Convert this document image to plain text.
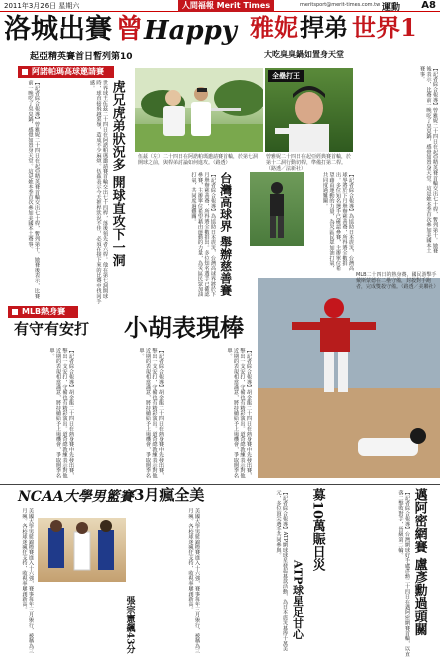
2011年3月26日 星期六	人間福報 Merit Times	meritsport@merit-times.com.tw 運動 A8
洛城出賽 曾 Happy
起亞精英賽首日暫列第10
雅妮 捍弟 世界1
大吃臭臭鍋如置身天堂
阿諾帕瑪高球邀請賽
【記者綜合報導】曾雅妮二十四日在起亞精英賽首輪交出七十桿，暫列第十。她賽後表示，比賽前一晚吃了臭臭鍋，感覺如置身天堂。這是她本季首次參加美國本土賽事。	虎兄虎弟狀況多 開球直攻下一洞
世界球王伍茲二十四日在阿諾帕瑪邀請賽首輪交出七十四桿，落後領先者六桿。他在第七洞開球時，球直接飛越果嶺，造成不少麻煩。伍茲表示今天推桿狀況不佳，必須在接下來的比賽中找回手感。
全壘打王
伍茲（左）二十四日在阿諾帕瑪邀請賽首輪，於第七洞開球之前，與桿弟討論如何進攻。（路透）
曾雅妮二十四日在起亞經典賽首輪，於第十二洞行動切桿，準備打第二桿。（路透／法新社）	【記者綜合報導】曾雅妮二十四日在起亞精英賽首輪交出七十桿，暫列第十。她賽後表示，比賽前一晚吃了臭臭鍋，感覺如置身天堂。這是她本季首次參加美國本土賽事。
台灣高球界 舉辦慈善賽
【記者綜合報導】為協助日本震災，台灣高球界將於下月舉辦慈善賽，所得將全數捐出。多位知名選手已確認參賽，主辦單位希望藉由運動的力量，為災區民眾加油打氣，共同度過難關。	【記者綜合報導】為協助日本震災，台灣高球界將於下月舉辦慈善賽，所得將全數捐出。多位知名選手已確認參賽，主辦單位希望藉由運動的力量，為災區民眾加油打氣，共同度過難關。
MLB二十四日的熱身賽，國民游擊手戴斯蒙德在二壘守備，封殺對手跑者，完成雙殺守備。（路透／美聯社）
MLB熱身賽
有守有安打 小胡表現棒
【記者綜合報導】胡金龍二十四日在熱身賽中先發出賽，擊出一支安打，守備也有精彩演出。道奇總教練表示對他近期的表現相當滿意，將持續給予上場機會，爭取開季名單。	【記者綜合報導】胡金龍二十四日在熱身賽中先發出賽，擊出一支安打，守備也有精彩演出。道奇總教練表示對他近期的表現相當滿意，將持續給予上場機會，爭取開季名單。	【記者綜合報導】胡金龍二十四日在熱身賽中先發出賽，擊出一支安打，守備也有精彩演出。道奇總教練表示對他近期的表現相當滿意，將持續給予上場機會，爭取開季名單。
NCAA大學男籃賽 3月瘋全美
美國大學男籃錦標賽進入十六強，賽事每年三月舉行，被稱為三月瘋。各校球迷瘋狂支持，收視率屢創新高。	美國大學男籃錦標賽進入十六強，賽事每年三月舉行，被稱為三月瘋。各校球迷瘋狂支持，收視率屢創新高。
張宗憲飆43分
募10萬賑日災
ATP球星足甘心
【記者綜合報導】ATP網球球星發起募款活動，為日本震災募得十萬美元，多位頂尖選手共同參與。	邁阿密網賽 盧彥勳過頭關
【記者綜合報導】台灣網球好手盧彥勳二十四日在邁阿密網賽首輪，以直落二擊敗對手，晉級第二輪。
